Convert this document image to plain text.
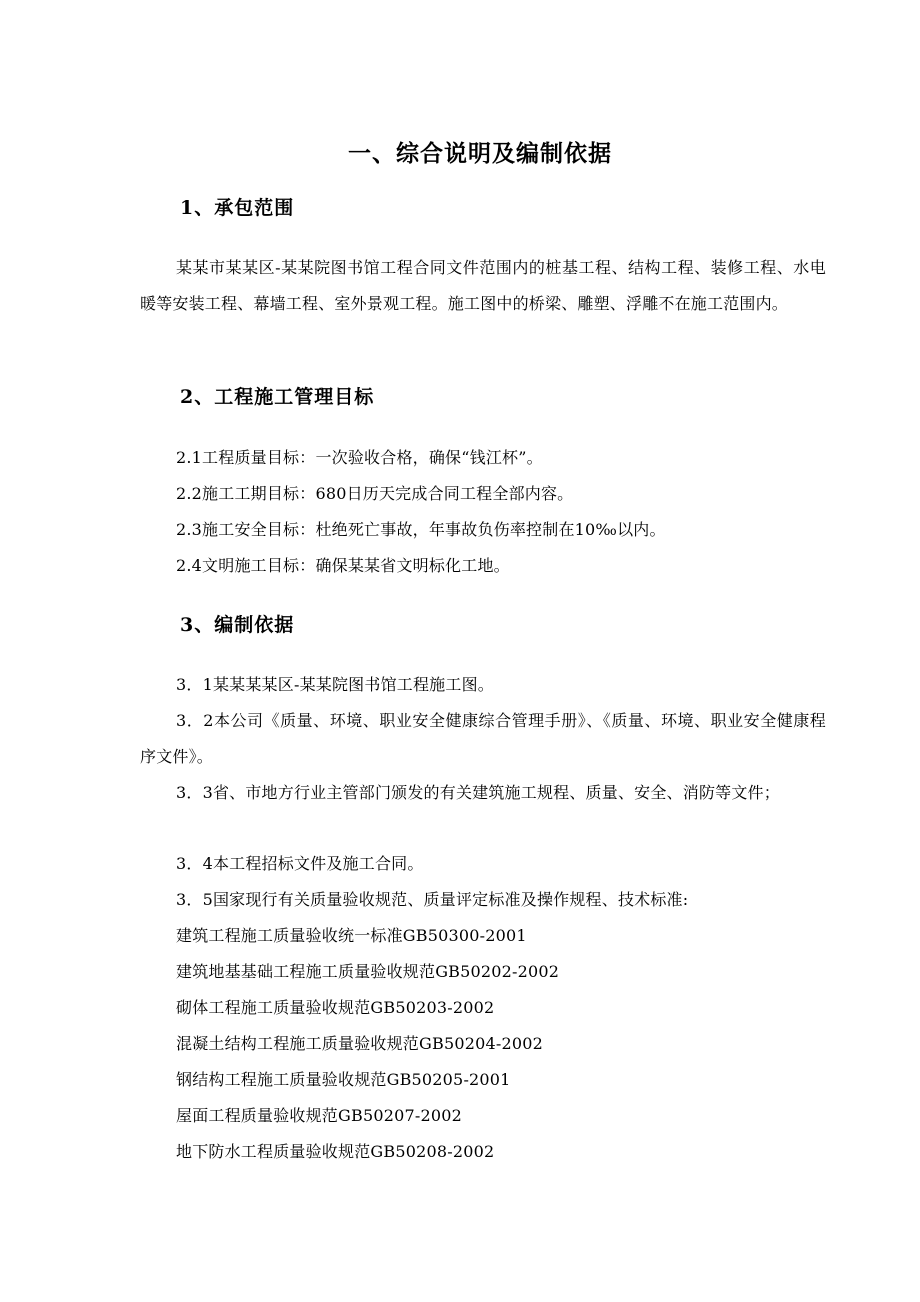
一、综合说明及编制依据
1、承包范围
某某市某某区-某某院图书馆工程合同文件范围内的桩基工程、结构工程、装修工程、水电暖等安装工程、幕墙工程、室外景观工程。施工图中的桥梁、雕塑、浮雕不在施工范围内。
2、工程施工管理目标
2.1工程质量目标：一次验收合格，确保“钱江杯”。
2.2施工工期目标：680日历天完成合同工程全部内容。
2.3施工安全目标：杜绝死亡事故，年事故负伤率控制在10‰以内。
2.4文明施工目标：确保某某省文明标化工地。
3、编制依据
3．1某某某某区-某某院图书馆工程施工图。
3．2本公司《质量、环境、职业安全健康综合管理手册》、《质量、环境、职业安全健康程序文件》。
3．3省、市地方行业主管部门颁发的有关建筑施工规程、质量、安全、消防等文件；
3．4本工程招标文件及施工合同。
3．5国家现行有关质量验收规范、质量评定标准及操作规程、技术标准:
建筑工程施工质量验收统一标准GB50300-2001
建筑地基基础工程施工质量验收规范GB50202-2002
砌体工程施工质量验收规范GB50203-2002
混凝土结构工程施工质量验收规范GB50204-2002
钢结构工程施工质量验收规范GB50205-2001
屋面工程质量验收规范GB50207-2002
地下防水工程质量验收规范GB50208-2002
